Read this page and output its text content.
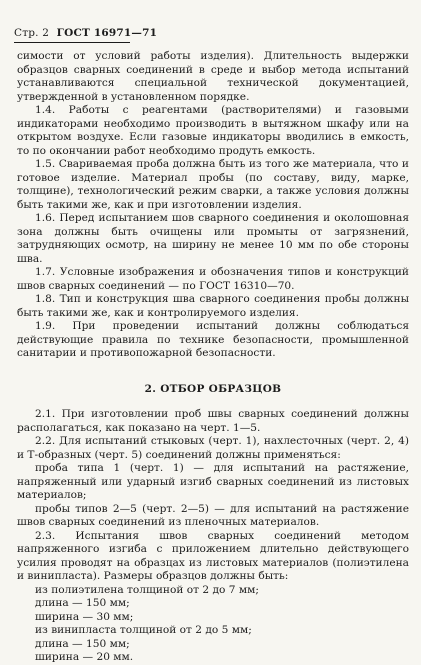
Стр. 2 ГОСТ 16971—71

симости от условий работы изделия). Длительность выдержки образцов сварных соединений в среде и выбор метода испытаний устанавливаются специальной технической документацией, утвержденной в установленном порядке.

1.4. Работы с реагентами (растворителями) и газовыми индикаторами необходимо производить в вытяжном шкафу или на открытом воздухе. Если газовые индикаторы вводились в емкость, то по окончании работ необходимо продуть емкость.

1.5. Свариваемая проба должна быть из того же материала, что и готовое изделие. Материал пробы (по составу, виду, марке, толщине), технологический режим сварки, а также условия должны быть такими же, как и при изготовлении изделия.

1.6. Перед испытанием шов сварного соединения и околошовная зона должны быть очищены или промыты от загрязнений, затрудняющих осмотр, на ширину не менее 10 мм по обе стороны шва.

1.7. Условные изображения и обозначения типов и конструкций швов сварных соединений — по ГОСТ 16310—70.

1.8. Тип и конструкция шва сварного соединения пробы должны быть такими же, как и контролируемого изделия.

1.9. При проведении испытаний должны соблюдаться действующие правила по технике безопасности, промышленной санитарии и противопожарной безопасности.

2. ОТБОР ОБРАЗЦОВ

2.1. При изготовлении проб швы сварных соединений должны располагаться, как показано на черт. 1—5.

2.2. Для испытаний стыковых (черт. 1), нахлесточных (черт. 2, 4) и Т-образных (черт. 5) соединений должны применяться:

проба типа 1 (черт. 1) — для испытаний на растяжение, напряженный или ударный изгиб сварных соединений из листовых материалов;

пробы типов 2—5 (черт. 2—5) — для испытаний на растяжение швов сварных соединений из пленочных материалов.

2.3. Испытания швов сварных соединений методом напряженного изгиба с приложением длительно действующего усилия проводят на образцах из листовых материалов (полиэтилена и винипласта). Размеры образцов должны быть:

из полиэтилена толщиной от 2 до 7 мм;

длина — 150 мм;

ширина — 30 мм;

из винипласта толщиной от 2 до 5 мм;

длина — 150 мм;

ширина — 20 мм.
